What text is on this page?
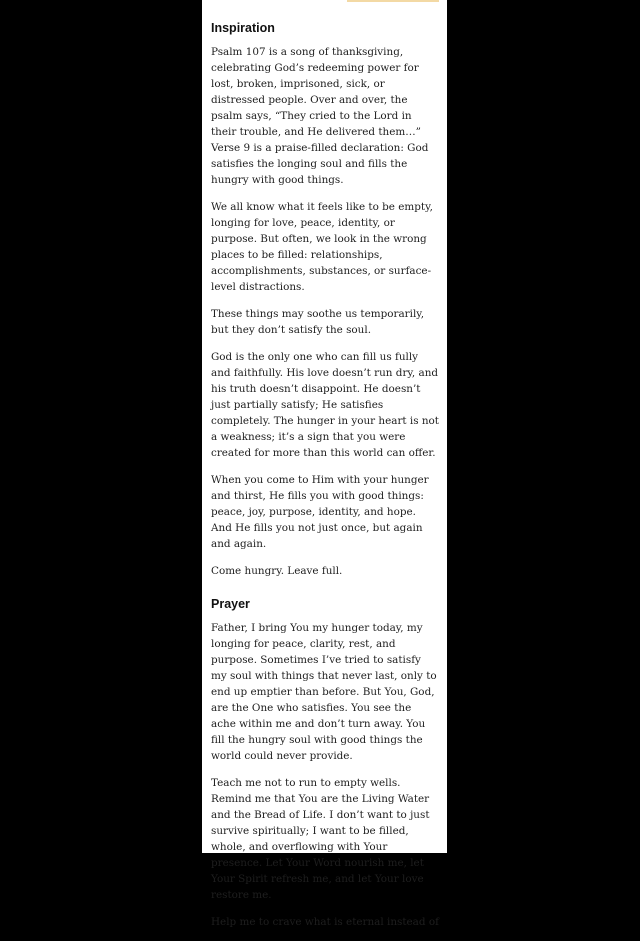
Inspiration

Psalm 107 is a song of thanksgiving, celebrating God’s redeeming power for lost, broken, imprisoned, sick, or distressed people. Over and over, the psalm says, “They cried to the Lord in their trouble, and He delivered them…” Verse 9 is a praise-filled declaration: God satisfies the longing soul and fills the hungry with good things.

We all know what it feels like to be empty, longing for love, peace, identity, or purpose. But often, we look in the wrong places to be filled: relationships, accomplishments, substances, or surface-level distractions.

These things may soothe us temporarily, but they don’t satisfy the soul.

God is the only one who can fill us fully and faithfully. His love doesn’t run dry, and his truth doesn’t disappoint. He doesn’t just partially satisfy; He satisfies completely. The hunger in your heart is not a weakness; it’s a sign that you were created for more than this world can offer.

When you come to Him with your hunger and thirst, He fills you with good things: peace, joy, purpose, identity, and hope. And He fills you not just once, but again and again.

Come hungry. Leave full.

Prayer

Father, I bring You my hunger today, my longing for peace, clarity, rest, and purpose. Sometimes I’ve tried to satisfy my soul with things that never last, only to end up emptier than before. But You, God, are the One who satisfies. You see the ache within me and don’t turn away. You fill the hungry soul with good things the world could never provide.

Teach me not to run to empty wells. Remind me that You are the Living Water and the Bread of Life. I don’t want to just survive spiritually; I want to be filled, whole, and overflowing with Your presence. Let Your Word nourish me, let Your Spirit refresh me, and let Your love restore me.

Help me to crave what is eternal instead of
